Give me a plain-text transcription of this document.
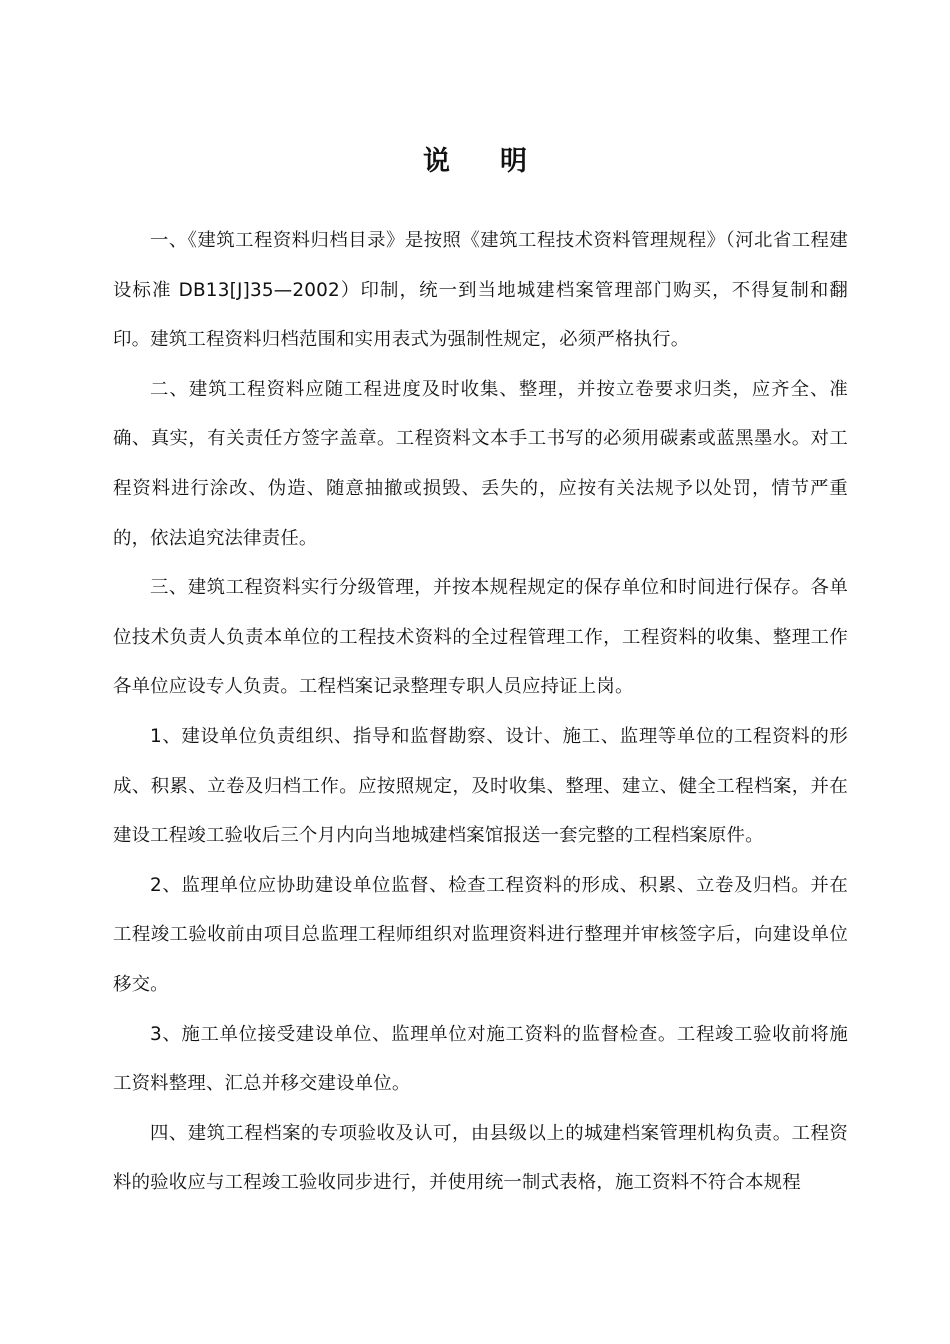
说明

一、《建筑工程资料归档目录》是按照《建筑工程技术资料管理规程》（河北省工程建设标准 DB13[J]35—2002）印制，统一到当地城建档案管理部门购买，不得复制和翻印。建筑工程资料归档范围和实用表式为强制性规定，必须严格执行。

二、建筑工程资料应随工程进度及时收集、整理，并按立卷要求归类，应齐全、准确、真实，有关责任方签字盖章。工程资料文本手工书写的必须用碳素或蓝黑墨水。对工程资料进行涂改、伪造、随意抽撤或损毁、丢失的，应按有关法规予以处罚，情节严重的，依法追究法律责任。

三、建筑工程资料实行分级管理，并按本规程规定的保存单位和时间进行保存。各单位技术负责人负责本单位的工程技术资料的全过程管理工作，工程资料的收集、整理工作各单位应设专人负责。工程档案记录整理专职人员应持证上岗。

1、建设单位负责组织、指导和监督勘察、设计、施工、监理等单位的工程资料的形成、积累、立卷及归档工作。应按照规定，及时收集、整理、建立、健全工程档案，并在建设工程竣工验收后三个月内向当地城建档案馆报送一套完整的工程档案原件。

2、监理单位应协助建设单位监督、检查工程资料的形成、积累、立卷及归档。并在工程竣工验收前由项目总监理工程师组织对监理资料进行整理并审核签字后，向建设单位移交。

3、施工单位接受建设单位、监理单位对施工资料的监督检查。工程竣工验收前将施工资料整理、汇总并移交建设单位。

四、建筑工程档案的专项验收及认可，由县级以上的城建档案管理机构负责。工程资料的验收应与工程竣工验收同步进行，并使用统一制式表格，施工资料不符合本规程
